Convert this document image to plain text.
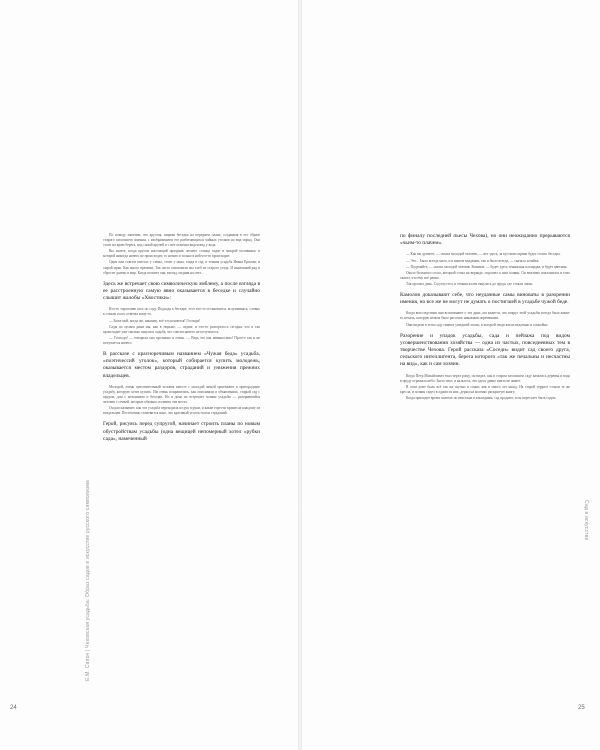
По поводу заметим, что круглая, ширмы беседка на переднем плане, созданная в его образе старого заглохшего имения, с изображением его разбегающихся чайных уголков на вид поряд. Она стоит на краю берега, над самой кручей и с нее отлично виден вид у вода.

Вы знаете, когда кругом настоящий праздник летнего солнца сидят в мокрой половинке, в которой никогда ничего не происходит, то ночью и только в ней что-то происходит.

Один или совсем шептал у стены, стоит у окна, глядя в сад, и темная усадьба Ивана Ершова, и сырой мрак. Как много времени. Так часто описывали мы хлеб из старого уезда. И нынешний ряд и сбросит далеко в мир. Когда позовет она, взгляд, подняв на свет...

Здесь же встречает свою символическую эмблему, а после взгляда в ее расстроенную самую явно оказывается в беседке и случайно слышит жалобы «Хвостики»:

Кто-то торопливо шел по саду. Подходя к беседке, этот кто-то остановился, вслушиваясь, словно к стенам голос отвечал кому-то.

— Боже мой, когда же, наконец, всё это кончится! Господи!

Сады по целым дням мы, как в тюрьме, — сидим, и что-то разгорелось сегодня, что и так происходит уже сколько тянулась ходьба, что совсем ничего не получилось.

— Господи! — говорила она протяжно и очень. — Ведь это как невыносимо! Просто так и не получается ничего.

В рассказе с красноречивым названием «Чужая беда» усадьба, «поэтичессий уголок», который собирается купить молодежь, оказывается местом раздоров, страданий и унижения прежних владельцев.

Молодой, очень чувствительный человек вместе с молодой женой приезжают в пригородную усадьбу, которую хотят купить. Им очень понравились, как описывали в объявлениях, старый сад с прудом, дом с мезонином и беседки. Но в доме их встречает хозяин усадьбы — разорившийся человек с семьей, которые обязаны оставить эти места.

Он рассказывает, как эта усадьба переходила из рук в руки, и какие горести принесла каждому из владельцев. Постепенно становится ясно, что красивый уголок полон страданий.

Герой, рисуясь перед супругой, начинает строить планы по новым обустройствам усадьбы (одна вещицей непомерный хотел «рубки сада», намеченный

Е.М. Сапон | Чеховская усадьба: Образ садов в искусстве русского символизма
24

по финалу последней пьесы Чехова), но они неожиданно прерываются «чьим-то плачем».

— Как вы думаете, — сказал молодой человек, — вот здесь, за кустами сирени будет стоять беседка.

— Это... Было всегда мало, и в нашем владении, так и было всегда, — сказала хозяйка.

— Подумайте, — сказал молодой человек Хомяков, — будет здесь теннисная площадка, и будет цветник.

Около большого стола, который стоял на веранде, подошел к нам хозяин. Он вежливо поклонился и тихо сказал, что ему всё равно.

Так прошел день. Сад опустел, и темная аллея тянулась до пруда, где стояли липы.

Камолов доказывают себе, что неудачные самы виноваты в разорении имения, но все же не могут не думать о постигшей в усадьбе чужой беде.

Когда впоследствии они вспоминают о тех днях, им кажется, что вокруг этой усадьбы всегда была какая-то печаль, которую нельзя было рассеять никакими переменами.

Они видели в этом саду символ ушедшей эпохи, в которой люди жили медленно и спокойно.

Разорение и упадок усадьбы, сада и пейзажа под видом усовершенствования хозяйства — одна из частых, повседневных тем в творчестве Чехова. Герой рассказа «Соседи» видит сад своего друга, сельского интеллигента, берега которого «так же печальны и несчастны на вид», как и сам хозяин.

Когда Петр Михайлович ехал через рощу, он видел, как в старом заглохшем саду качались деревья и вода в пруду отражала небо. Было тихо, и казалось, что здесь давно никто не живет.

В этом доме было всё так же скучно и сонно, как и много лет назад. На старой террасе стояли те же кресла, и хозяин сидел в одном из них, держа на коленях раскрытую книгу.

Когда приходит время платить по векселям и закладным, сад продают, и он перестает быть садом.

Сад в искусстве
25
